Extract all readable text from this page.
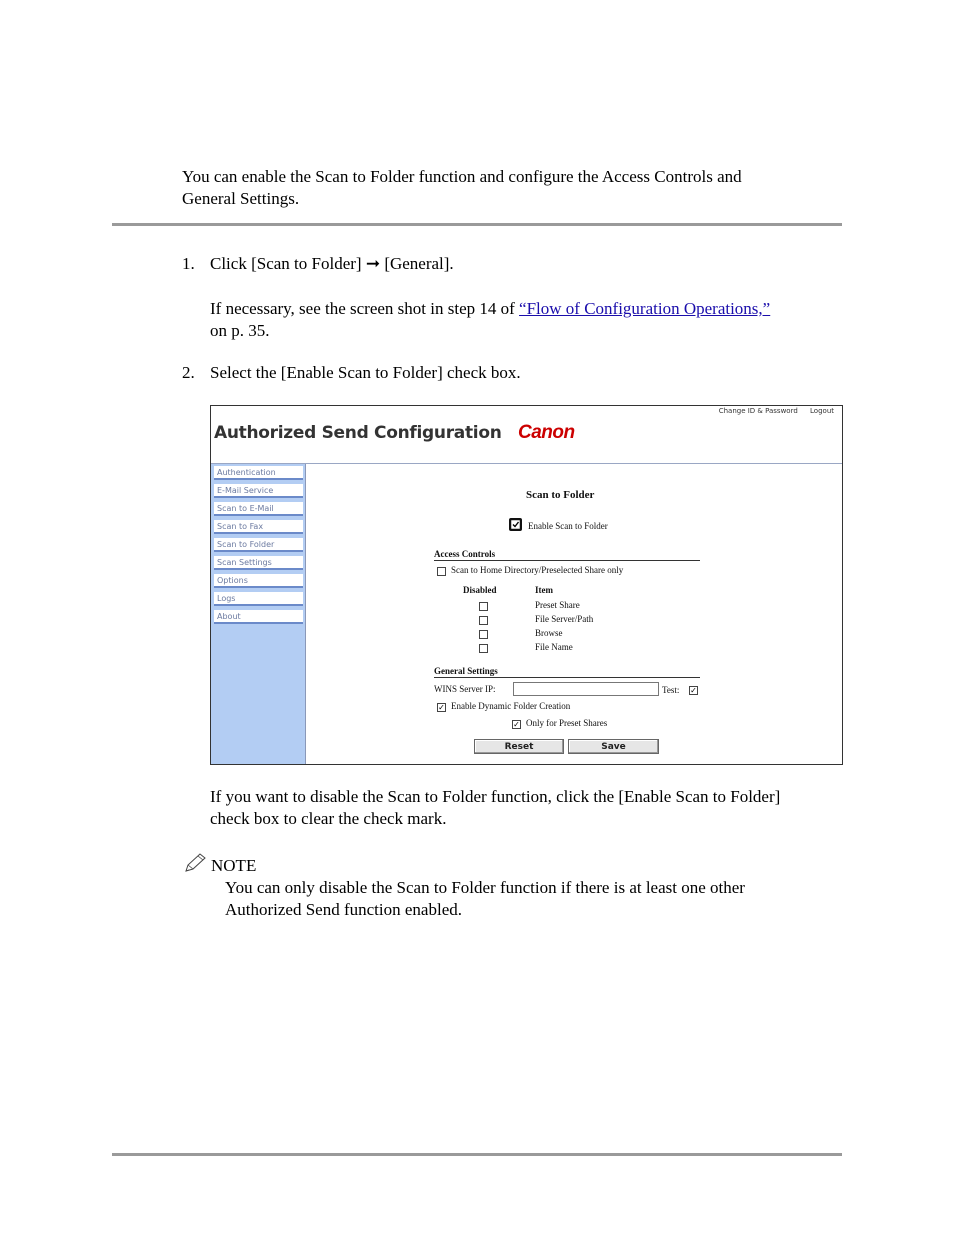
You can enable the Scan to Folder function and configure the Access Controls and
General Settings.
1. Click [Scan to Folder] ➞ [General].
If necessary, see the screen shot in step 14 of “Flow of Configuration Operations,”
on p. 35.
2. Select the [Enable Scan to Folder] check box.
Change ID & Password Logout
Authorized Send Configuration Canon
Authentication
E-Mail Service
Scan to E-Mail
Scan to Fax
Scan to Folder
Scan Settings
Options
Logs
About
Scan to Folder
Enable Scan to Folder
Access Controls
Scan to Home Directory/Preselected Share only
Disabled	Item
Preset Share
File Server/Path
Browse
File Name
General Settings
WINS Server IP:	Test: ✓
✓ Enable Dynamic Folder Creation
✓ Only for Preset Shares
Reset	Save
If you want to disable the Scan to Folder function, click the [Enable Scan to Folder]
check box to clear the check mark.
NOTE
You can only disable the Scan to Folder function if there is at least one other
Authorized Send function enabled.
